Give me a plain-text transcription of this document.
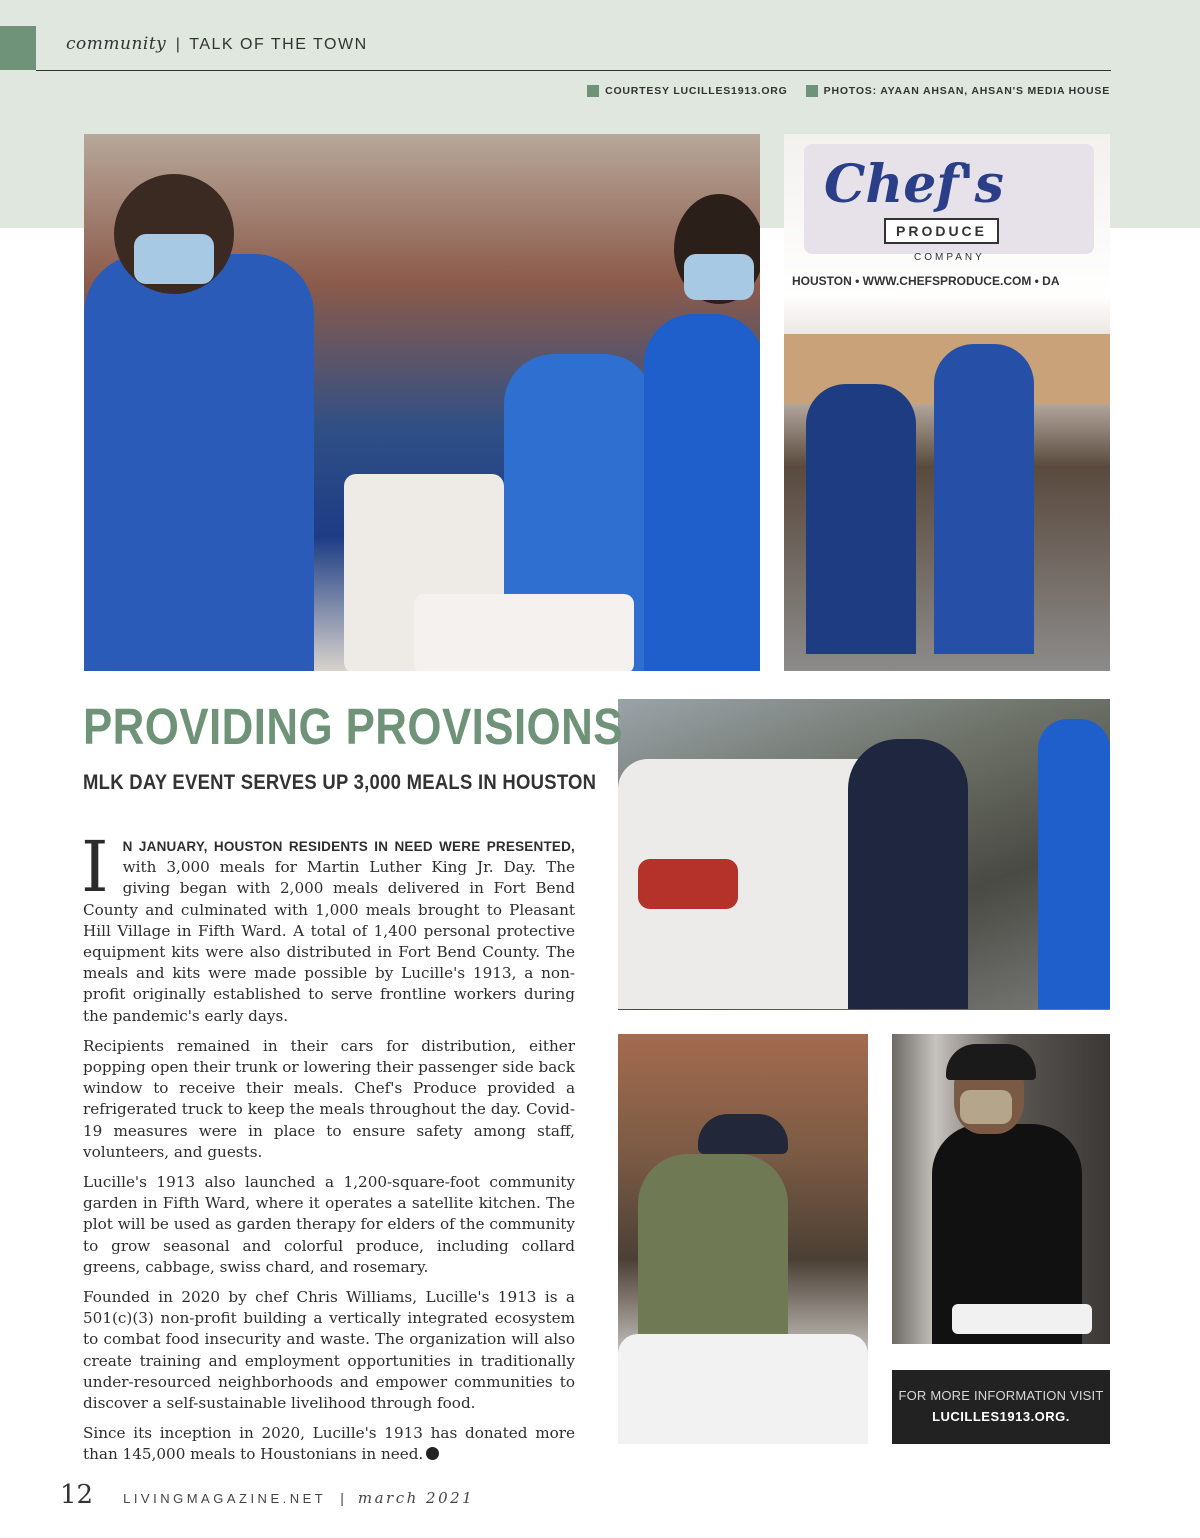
community | TALK OF THE TOWN
COURTESY LUCILLES1913.ORG	PHOTOS: AYAAN AHSAN, AHSAN'S MEDIA HOUSE
Chef's
PRODUCE
COMPANY
HOUSTON • WWW.CHEFSPRODUCE.COM • DA
PROVIDING PROVISIONS
MLK DAY EVENT SERVES UP 3,000 MEALS IN HOUSTON

I N JANUARY, HOUSTON RESIDENTS IN NEED WERE PRESENTED, with 3,000 meals for Martin Luther King Jr. Day. The giving began with 2,000 meals delivered in Fort Bend County and culminated with 1,000 meals brought to Pleasant Hill Village in Fifth Ward. A total of 1,400 personal protective equipment kits were also distributed in Fort Bend County. The meals and kits were made possible by Lucille's 1913, a non-profit originally established to serve frontline workers during the pandemic's early days.

Recipients remained in their cars for distribution, either popping open their trunk or lowering their passenger side back window to receive their meals. Chef's Produce provided a refrigerated truck to keep the meals throughout the day. Covid-19 measures were in place to ensure safety among staff, volunteers, and guests.

Lucille's 1913 also launched a 1,200-square-foot community garden in Fifth Ward, where it operates a satellite kitchen. The plot will be used as garden therapy for elders of the community to grow seasonal and colorful produce, including collard greens, cabbage, swiss chard, and rosemary.

Founded in 2020 by chef Chris Williams, Lucille's 1913 is a 501(c)(3) non-profit building a vertically integrated ecosystem to combat food insecurity and waste. The organization will also create training and employment opportunities in traditionally under-resourced neighborhoods and empower communities to discover a self-sustainable livelihood through food.

Since its inception in 2020, Lucille's 1913 has donated more than 145,000 meals to Houstonians in need.

FOR MORE INFORMATION VISIT
LUCILLES1913.ORG.
12 LIVINGMAGAZINE.NET | march 2021
